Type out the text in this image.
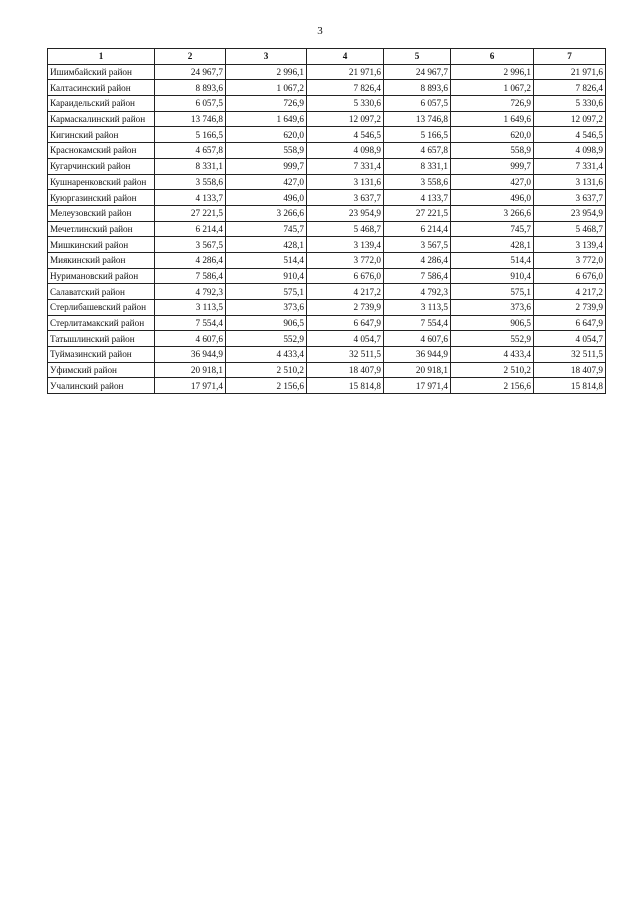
3
1	2	3	4	5	6	7
Ишимбайский район	24 967,7	2 996,1	21 971,6	24 967,7	2 996,1	21 971,6
Калтасинский район	8 893,6	1 067,2	7 826,4	8 893,6	1 067,2	7 826,4
Караидельский район	6 057,5	726,9	5 330,6	6 057,5	726,9	5 330,6
Кармаскалинский район	13 746,8	1 649,6	12 097,2	13 746,8	1 649,6	12 097,2
Кигинский район	5 166,5	620,0	4 546,5	5 166,5	620,0	4 546,5
Краснокамский район	4 657,8	558,9	4 098,9	4 657,8	558,9	4 098,9
Кугарчинский район	8 331,1	999,7	7 331,4	8 331,1	999,7	7 331,4
Кушнаренковский район	3 558,6	427,0	3 131,6	3 558,6	427,0	3 131,6
Куюргазинский район	4 133,7	496,0	3 637,7	4 133,7	496,0	3 637,7
Мелеузовский район	27 221,5	3 266,6	23 954,9	27 221,5	3 266,6	23 954,9
Мечетлинский район	6 214,4	745,7	5 468,7	6 214,4	745,7	5 468,7
Мишкинский район	3 567,5	428,1	3 139,4	3 567,5	428,1	3 139,4
Миякинский район	4 286,4	514,4	3 772,0	4 286,4	514,4	3 772,0
Нуримановский район	7 586,4	910,4	6 676,0	7 586,4	910,4	6 676,0
Салаватский район	4 792,3	575,1	4 217,2	4 792,3	575,1	4 217,2
Стерлибашевский район	3 113,5	373,6	2 739,9	3 113,5	373,6	2 739,9
Стерлитамакский район	7 554,4	906,5	6 647,9	7 554,4	906,5	6 647,9
Татышлинский район	4 607,6	552,9	4 054,7	4 607,6	552,9	4 054,7
Туймазинский район	36 944,9	4 433,4	32 511,5	36 944,9	4 433,4	32 511,5
Уфимский район	20 918,1	2 510,2	18 407,9	20 918,1	2 510,2	18 407,9
Учалинский район	17 971,4	2 156,6	15 814,8	17 971,4	2 156,6	15 814,8
